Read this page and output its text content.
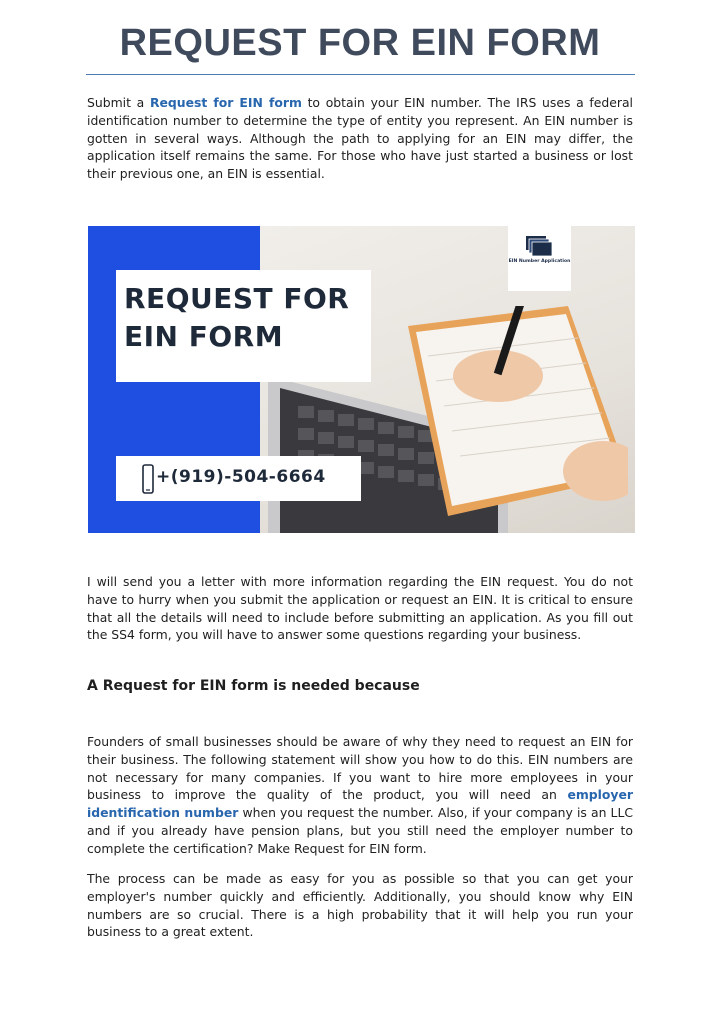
REQUEST FOR EIN FORM

Submit a Request for EIN form to obtain your EIN number. The IRS uses a federal identification number to determine the type of entity you represent. An EIN number is gotten in several ways. Although the path to applying for an EIN may differ, the application itself remains the same. For those who have just started a business or lost their previous one, an EIN is essential.

REQUEST FOR
EIN FORM
EIN Number Application
+(919)-504-6664

I will send you a letter with more information regarding the EIN request. You do not have to hurry when you submit the application or request an EIN. It is critical to ensure that all the details will need to include before submitting an application. As you fill out the SS4 form, you will have to answer some questions regarding your business.

A Request for EIN form is needed because

Founders of small businesses should be aware of why they need to request an EIN for their business. The following statement will show you how to do this. EIN numbers are not necessary for many companies. If you want to hire more employees in your business to improve the quality of the product, you will need an employer identification number when you request the number. Also, if your company is an LLC and if you already have pension plans, but you still need the employer number to complete the certification? Make Request for EIN form.

The process can be made as easy for you as possible so that you can get your employer's number quickly and efficiently. Additionally, you should know why EIN numbers are so crucial. There is a high probability that it will help you run your business to a great extent.
